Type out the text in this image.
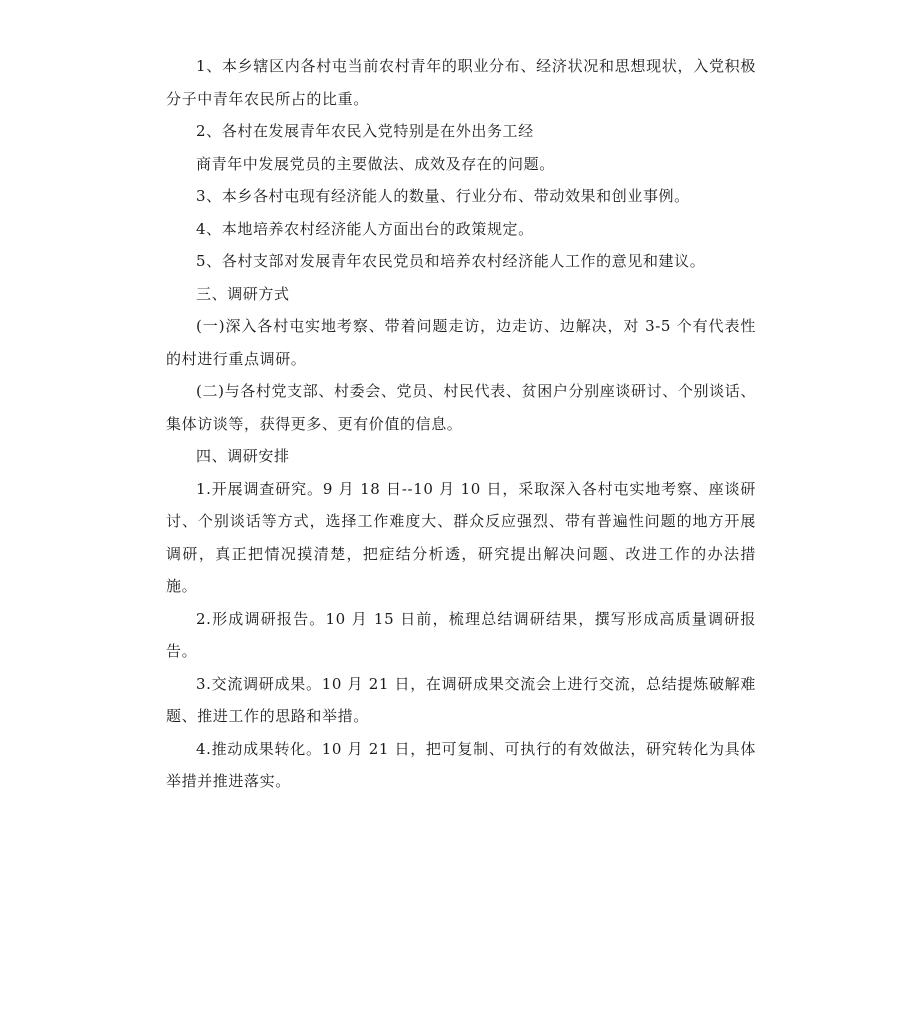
1、本乡辖区内各村屯当前农村青年的职业分布、经济状况和思想现状，入党积极分子中青年农民所占的比重。

2、各村在发展青年农民入党特别是在外出务工经

商青年中发展党员的主要做法、成效及存在的问题。

3、本乡各村屯现有经济能人的数量、行业分布、带动效果和创业事例。

4、本地培养农村经济能人方面出台的政策规定。

5、各村支部对发展青年农民党员和培养农村经济能人工作的意见和建议。

三、调研方式

(一)深入各村屯实地考察、带着问题走访，边走访、边解决，对 3-5 个有代表性的村进行重点调研。

(二)与各村党支部、村委会、党员、村民代表、贫困户分别座谈研讨、个别谈话、集体访谈等，获得更多、更有价值的信息。

四、调研安排

1.开展调查研究。9 月 18 日--10 月 10 日，采取深入各村屯实地考察、座谈研讨、个别谈话等方式，选择工作难度大、群众反应强烈、带有普遍性问题的地方开展调研，真正把情况摸清楚，把症结分析透，研究提出解决问题、改进工作的办法措施。

2.形成调研报告。10 月 15 日前，梳理总结调研结果，撰写形成高质量调研报告。

3.交流调研成果。10 月 21 日，在调研成果交流会上进行交流，总结提炼破解难题、推进工作的思路和举措。

4.推动成果转化。10 月 21 日，把可复制、可执行的有效做法，研究转化为具体举措并推进落实。
